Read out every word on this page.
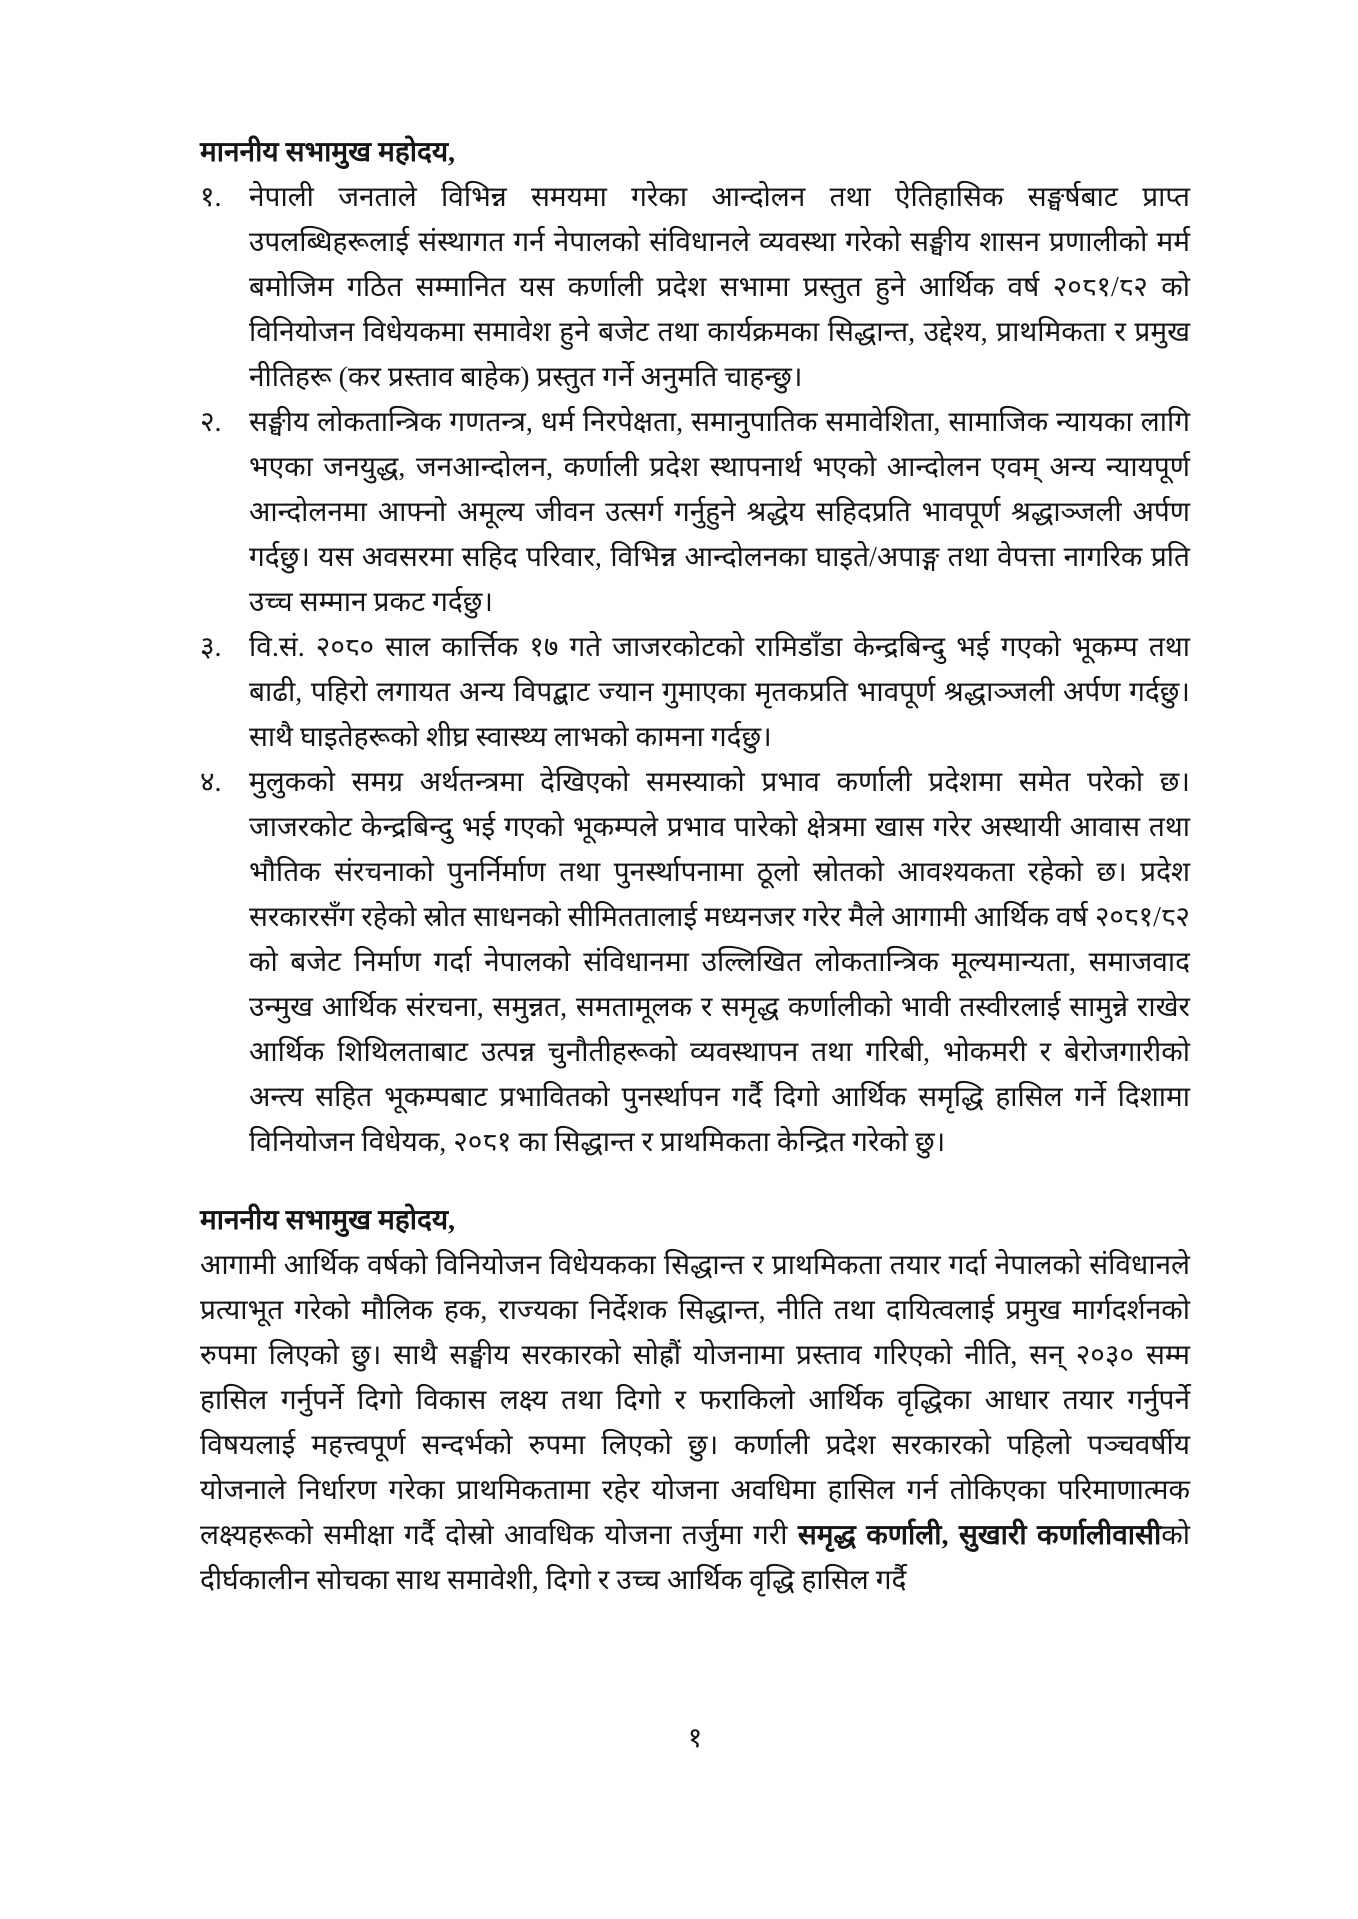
माननीय सभामुख महोदय,
१. नेपाली जनताले विभिन्न समयमा गरेका आन्दोलन तथा ऐतिहासिक सङ्घर्षबाट प्राप्त उपलब्धिहरूलाई संस्थागत गर्न नेपालको संविधानले व्यवस्था गरेको सङ्घीय शासन प्रणालीको मर्म बमोजिम गठित सम्मानित यस कर्णाली प्रदेश सभामा प्रस्तुत हुने आर्थिक वर्ष २०८१/८२ को विनियोजन विधेयकमा समावेश हुने बजेट तथा कार्यक्रमका सिद्धान्त, उद्देश्य, प्राथमिकता र प्रमुख नीतिहरू (कर प्रस्ताव बाहेक) प्रस्तुत गर्ने अनुमति चाहन्छु।
२. सङ्घीय लोकतान्त्रिक गणतन्त्र, धर्म निरपेक्षता, समानुपातिक समावेशिता, सामाजिक न्यायका लागि भएका जनयुद्ध, जनआन्दोलन, कर्णाली प्रदेश स्थापनार्थ भएको आन्दोलन एवम् अन्य न्यायपूर्ण आन्दोलनमा आफ्नो अमूल्य जीवन उत्सर्ग गर्नुहुने श्रद्धेय सहिदप्रति भावपूर्ण श्रद्धाञ्जली अर्पण गर्दछु। यस अवसरमा सहिद परिवार, विभिन्न आन्दोलनका घाइते/अपाङ्ग तथा वेपत्ता नागरिक प्रति उच्च सम्मान प्रकट गर्दछु।
३. वि.सं. २०८० साल कार्त्तिक १७ गते जाजरकोटको रामिडाँडा केन्द्रबिन्दु भई गएको भूकम्प तथा बाढी, पहिरो लगायत अन्य विपद्बाट ज्यान गुमाएका मृतकप्रति भावपूर्ण श्रद्धाञ्जली अर्पण गर्दछु। साथै घाइतेहरूको शीघ्र स्वास्थ्य लाभको कामना गर्दछु।
४. मुलुकको समग्र अर्थतन्त्रमा देखिएको समस्याको प्रभाव कर्णाली प्रदेशमा समेत परेको छ। जाजरकोट केन्द्रबिन्दु भई गएको भूकम्पले प्रभाव पारेको क्षेत्रमा खास गरेर अस्थायी आवास तथा भौतिक संरचनाको पुनर्निर्माण तथा पुनर्स्थापनामा ठूलो स्रोतको आवश्यकता रहेको छ। प्रदेश सरकारसँग रहेको स्रोत साधनको सीमिततालाई मध्यनजर गरेर मैले आगामी आर्थिक वर्ष २०८१/८२ को बजेट निर्माण गर्दा नेपालको संविधानमा उल्लिखित लोकतान्त्रिक मूल्यमान्यता, समाजवाद उन्मुख आर्थिक संरचना, समुन्नत, समतामूलक र समृद्ध कर्णालीको भावी तस्वीरलाई सामुन्ने राखेर आर्थिक शिथिलताबाट उत्पन्न चुनौतीहरूको व्यवस्थापन तथा गरिबी, भोकमरी र बेरोजगारीको अन्त्य सहित भूकम्पबाट प्रभावितको पुनर्स्थापन गर्दै दिगो आर्थिक समृद्धि हासिल गर्ने दिशामा विनियोजन विधेयक, २०८१ का सिद्धान्त र प्राथमिकता केन्द्रित गरेको छु।
माननीय सभामुख महोदय,
आगामी आर्थिक वर्षको विनियोजन विधेयकका सिद्धान्त र प्राथमिकता तयार गर्दा नेपालको संविधानले प्रत्याभूत गरेको मौलिक हक, राज्यका निर्देशक सिद्धान्त, नीति तथा दायित्वलाई प्रमुख मार्गदर्शनको रुपमा लिएको छु। साथै सङ्घीय सरकारको सोह्रौं योजनामा प्रस्ताव गरिएको नीति, सन् २०३० सम्म हासिल गर्नुपर्ने दिगो विकास लक्ष्य तथा दिगो र फराकिलो आर्थिक वृद्धिका आधार तयार गर्नुपर्ने विषयलाई महत्त्वपूर्ण सन्दर्भको रुपमा लिएको छु। कर्णाली प्रदेश सरकारको पहिलो पञ्चवर्षीय योजनाले निर्धारण गरेका प्राथमिकतामा रहेर योजना अवधिमा हासिल गर्न तोकिएका परिमाणात्मक लक्ष्यहरूको समीक्षा गर्दै दोस्रो आवधिक योजना तर्जुमा गरी समृद्ध कर्णाली, सुखारी कर्णालीवासीको दीर्घकालीन सोचका साथ समावेशी, दिगो र उच्च आर्थिक वृद्धि हासिल गर्दै
१
